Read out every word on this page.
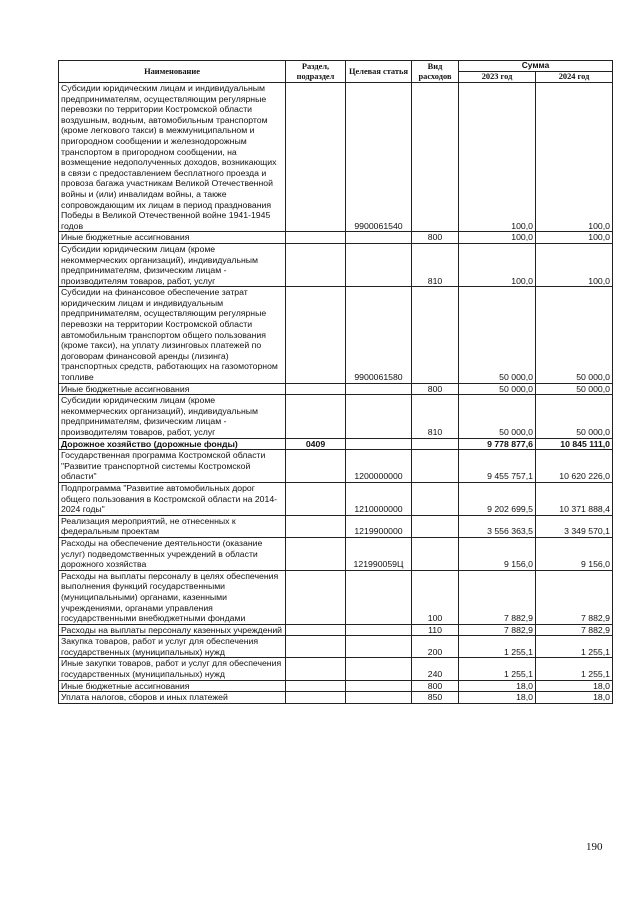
Наименование	Раздел, подраздел	Целевая статья	Вид расходов	Сумма	
				2023 год	2024 год
Субсидии юридическим лицам и индивидуальным предпринимателям, осуществляющим регулярные перевозки по территории Костромской области воздушным, водным, автомобильным транспортом (кроме легкового такси) в межмуниципальном и пригородном сообщении и железнодорожным транспортом в пригородном сообщении, на возмещение недополученных доходов, возникающих в связи с предоставлением бесплатного проезда и провоза багажа участникам Великой Отечественной войны и (или) инвалидам войны, а также сопровождающим их лицам в период празднования Победы в Великой Отечественной войне 1941-1945 годов		9900061540		100,0	100,0
Иные бюджетные ассигнования			800	100,0	100,0
Субсидии юридическим лицам (кроме некоммерческих организаций), индивидуальным предпринимателям, физическим лицам - производителям товаров, работ, услуг			810	100,0	100,0
Субсидии на финансовое обеспечение затрат юридическим лицам и индивидуальным предпринимателям, осуществляющим регулярные перевозки на территории Костромской области автомобильным транспортом общего пользования (кроме такси), на уплату лизинговых платежей по договорам финансовой аренды (лизинга) транспортных средств, работающих на газомоторном топливе		9900061580		50 000,0	50 000,0
Иные бюджетные ассигнования			800	50 000,0	50 000,0
Субсидии юридическим лицам (кроме некоммерческих организаций), индивидуальным предпринимателям, физическим лицам - производителям товаров, работ, услуг			810	50 000,0	50 000,0
Дорожное хозяйство (дорожные фонды)	0409			9 778 877,6	10 845 111,0
Государственная программа Костромской области "Развитие транспортной системы Костромской области"		1200000000		9 455 757,1	10 620 226,0
Подпрограмма "Развитие автомобильных дорог общего пользования в Костромской области на 2014-2024 годы"		1210000000		9 202 699,5	10 371 888,4
Реализация мероприятий, не отнесенных к федеральным проектам		1219900000		3 556 363,5	3 349 570,1
Расходы на обеспечение деятельности (оказание услуг) подведомственных учреждений в области дорожного хозяйства		121990059Ц		9 156,0	9 156,0
Расходы на выплаты персоналу в целях обеспечения выполнения функций государственными (муниципальными) органами, казенными учреждениями, органами управления государственными внебюджетными фондами			100	7 882,9	7 882,9
Расходы на выплаты персоналу казенных учреждений			110	7 882,9	7 882,9
Закупка товаров, работ и услуг для обеспечения государственных (муниципальных) нужд			200	1 255,1	1 255,1
Иные закупки товаров, работ и услуг для обеспечения государственных (муниципальных) нужд			240	1 255,1	1 255,1
Иные бюджетные ассигнования			800	18,0	18,0
Уплата налогов, сборов и иных платежей			850	18,0	18,0
190
